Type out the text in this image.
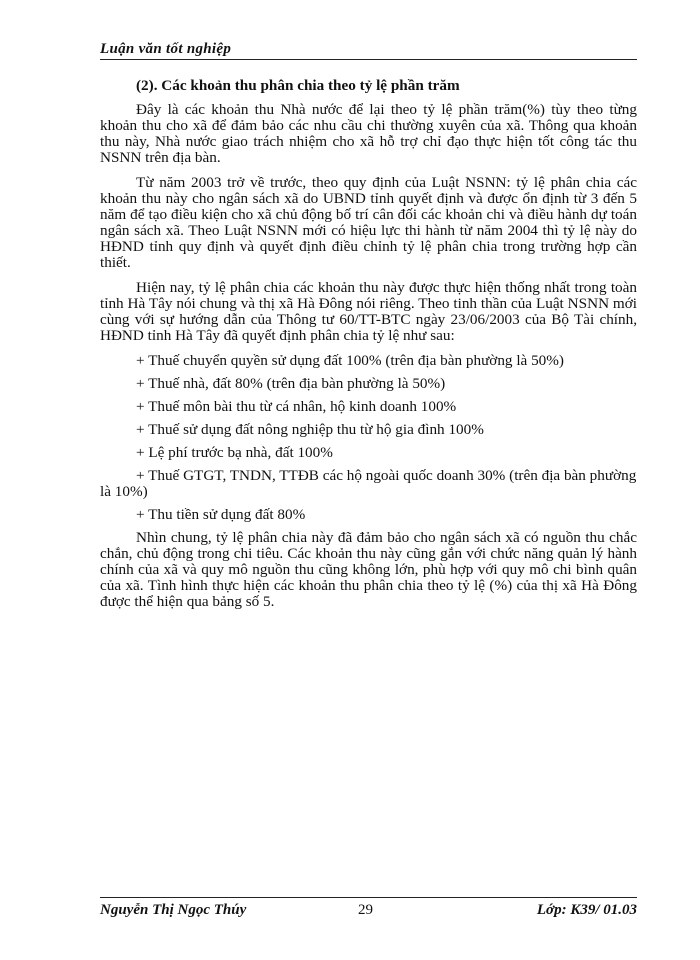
Luận văn tốt nghiệp
(2). Các khoản thu phân chia theo tỷ lệ phần trăm

Đây là các khoản thu Nhà nước để lại theo tỷ lệ phần trăm(%) tùy theo từng khoản thu cho xã để đảm bảo các nhu cầu chi thường xuyên của xã. Thông qua khoản thu này, Nhà nước giao trách nhiệm cho xã hỗ trợ chỉ đạo thực hiện tốt công tác thu NSNN trên địa bàn.

Từ năm 2003 trở về trước, theo quy định của Luật NSNN: tỷ lệ phân chia các khoản thu này cho ngân sách xã do UBND tỉnh quyết định và được ổn định từ 3 đến 5 năm để tạo điều kiện cho xã chủ động bố trí cân đối các khoản chi và điều hành dự toán ngân sách xã. Theo Luật NSNN mới có hiệu lực thi hành từ năm 2004 thì tỷ lệ này do HĐND tỉnh quy định và quyết định điều chỉnh tỷ lệ phân chia trong trường hợp cần thiết.

Hiện nay, tỷ lệ phân chia các khoản thu này được thực hiện thống nhất trong toàn tỉnh Hà Tây nói chung và thị xã Hà Đông nói riêng. Theo tinh thần của Luật NSNN mới cùng với sự hướng dẫn của Thông tư 60/TT-BTC ngày 23/06/2003 của Bộ Tài chính, HĐND tỉnh Hà Tây đã quyết định phân chia tỷ lệ như sau:

+ Thuế chuyển quyền sử dụng đất 100% (trên địa bàn phường là 50%)
+ Thuế nhà, đất 80% (trên địa bàn phường là 50%)
+ Thuế môn bài thu từ cá nhân, hộ kinh doanh 100%
+ Thuế sử dụng đất nông nghiệp thu từ hộ gia đình 100%
+ Lệ phí trước bạ nhà, đất 100%
+ Thuế GTGT, TNDN, TTĐB các hộ ngoài quốc doanh 30% (trên địa bàn phường là 10%)
+ Thu tiền sử dụng đất 80%

Nhìn chung, tỷ lệ phân chia này đã đảm bảo cho ngân sách xã có nguồn thu chắc chắn, chủ động trong chi tiêu. Các khoản thu này cũng gắn với chức năng quản lý hành chính của xã và quy mô nguồn thu cũng không lớn, phù hợp với quy mô chi bình quân của xã. Tình hình thực hiện các khoản thu phân chia theo tỷ lệ (%) của thị xã Hà Đông được thể hiện qua bảng số 5.

Nguyễn Thị Ngọc Thúy	29	Lớp: K39/ 01.03
